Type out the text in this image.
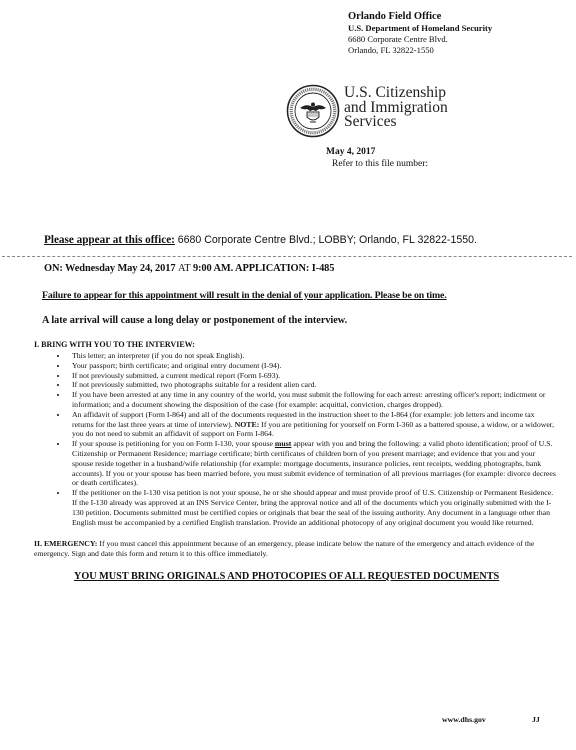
Orlando Field Office
U.S. Department of Homeland Security
6680 Corporate Centre Blvd.
Orlando, FL 32822-1550
U.S. Citizenship
and Immigration
Services
May 4, 2017
Refer to this file number:
Please appear at this office: 6680 Corporate Centre Blvd.; LOBBY; Orlando, FL 32822-1550.
ON: Wednesday May 24, 2017 AT 9:00 AM. APPLICATION: I-485
Failure to appear for this appointment will result in the denial of your application. Please be on time.
A late arrival will cause a long delay or postponement of the interview.
I. BRING WITH YOU TO THE INTERVIEW:
• This letter; an interpreter (if you do not speak English).
• Your passport; birth certificate; and original entry document (I-94).
• If not previously submitted, a current medical report (Form I-693).
• If not previously submitted, two photographs suitable for a resident alien card.
• If you have been arrested at any time in any country of the world, you must submit the following for each arrest: arresting officer's report; indictment or information; and a document showing the disposition of the case (for example: acquittal, conviction, charges dropped).
• An affidavit of support (Form I-864) and all of the documents requested in the instruction sheet to the I-864 (for example: job letters and income tax returns for the last three years at time of interview). NOTE: If you are petitioning for yourself on Form I-360 as a battered spouse, a widow, or a widower, you do not need to submit an affidavit of support on Form I-864.
• If your spouse is petitioning for you on Form I-130, your spouse must appear with you and bring the following: a valid photo identification; proof of U.S. Citizenship or Permanent Residence; marriage certificate; birth certificates of children born of you present marriage; and evidence that you and your spouse reside together in a husband/wife relationship (for example: mortgage documents, insurance policies, rent receipts, wedding photographs, bank accounts). If you or your spouse has been married before, you must submit evidence of termination of all previous marriages (for example: divorce decrees or death certificates).
• If the petitioner on the I-130 visa petition is not your spouse, he or she should appear and must provide proof of U.S. Citizenship or Permanent Residence. If the I-130 already was approved at an INS Service Center, bring the approval notice and all of the documents which you originally submitted with the I-130 petition. Documents submitted must be certified copies or originals that bear the seal of the issuing authority. Any document in a language other than English must be accompanied by a certified English translation. Provide an additional photocopy of any original document you would like returned.
II. EMERGENCY: If you must cancel this appointment because of an emergency, please indicate below the nature of the emergency and attach evidence of the emergency. Sign and date this form and return it to this office immediately.
YOU MUST BRING ORIGINALS AND PHOTOCOPIES OF ALL REQUESTED DOCUMENTS
www.dhs.gov	JJ
